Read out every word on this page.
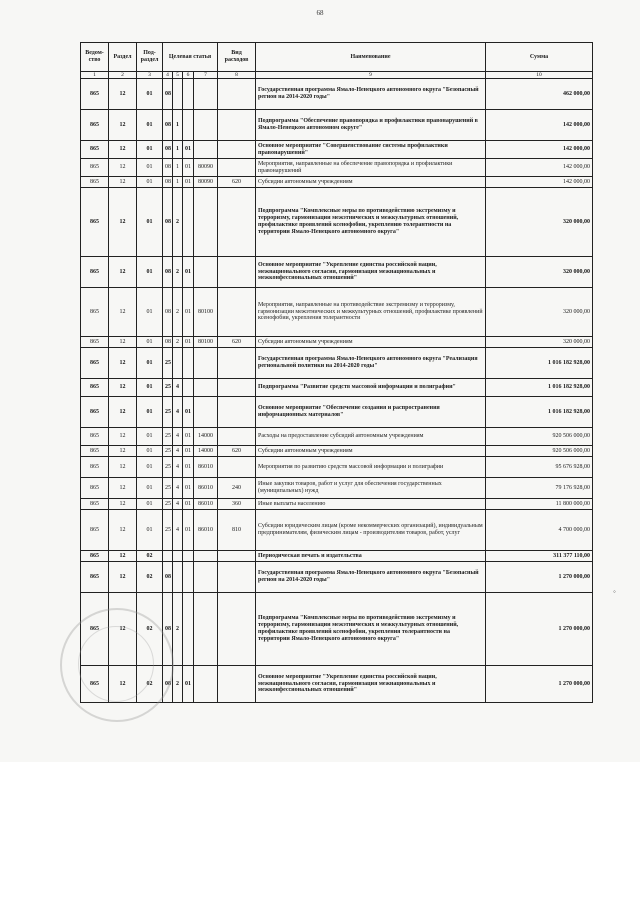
68
Ведом-ство	Раздел	Под-раздел	Целевая статья				Вид расходов	Наименование	Сумма
1	2	3	4	5	6	7	8	9	10
865	12	01	08					Государственная программа Ямало-Ненецкого автономного округа "Безопасный регион на 2014-2020 годы"	462 000,00
865	12	01	08	1				Подпрограмма "Обеспечение правопорядка и профилактики правонарушений в Ямало-Ненецком автономном округе"	142 000,00
865	12	01	08	1	01			Основное мероприятие "Совершенствование системы профилактики правонарушений"	142 000,00
865	12	01	08	1	01	80090		Мероприятия, направленные на обеспечение правопорядка и профилактики правонарушений	142 000,00
865	12	01	08	1	01	80090	620	Субсидии автономным учреждениям	142 000,00
865	12	01	08	2				Подпрограмма "Комплексные меры по противодействию экстремизму и терроризму, гармонизации межэтнических и межкультурных отношений, профилактике проявлений ксенофобии, укреплению толерантности на территории Ямало-Ненецкого автономного округа"	320 000,00
865	12	01	08	2	01			Основное мероприятие "Укрепление единства российской нации, межнационального согласия, гармонизация межнациональных и межконфессиональных отношений"	320 000,00
865	12	01	08	2	01	80100		Мероприятия, направленные на противодействие экстремизму и терроризму, гармонизации межэтнических и межкультурных отношений, профилактике проявлений ксенофобии, укрепления толерантности	320 000,00
865	12	01	08	2	01	80100	620	Субсидии автономным учреждениям	320 000,00
865	12	01	25					Государственная программа Ямало-Ненецкого автономного округа "Реализация региональной политики на 2014-2020 годы"	1 016 182 928,00
865	12	01	25	4				Подпрограмма "Развитие средств массовой информации и полиграфии"	1 016 182 928,00
865	12	01	25	4	01			Основное мероприятие "Обеспечение создания и распространения информационных материалов"	1 016 182 928,00
865	12	01	25	4	01	14000		Расходы на предоставление субсидий автономным учреждениям	920 506 000,00
865	12	01	25	4	01	14000	620	Субсидии автономным учреждениям	920 506 000,00
865	12	01	25	4	01	86010		Мероприятия по развитию средств массовой информации и полиграфии	95 676 928,00
865	12	01	25	4	01	86010	240	Иные закупки товаров, работ и услуг для обеспечения государственных (муниципальных) нужд	79 176 928,00
865	12	01	25	4	01	86010	360	Иные выплаты населению	11 800 000,00
865	12	01	25	4	01	86010	810	Субсидии юридическим лицам (кроме некоммерческих организаций), индивидуальным предпринимателям, физическим лицам - производителям товаров, работ, услуг	4 700 000,00
865	12	02						Периодическая печать и издательства	311 377 110,00
865	12	02	08					Государственная программа Ямало-Ненецкого автономного округа "Безопасный регион на 2014-2020 годы"	1 270 000,00
865	12	02	08	2				Подпрограмма "Комплексные меры по противодействию экстремизму и терроризму, гармонизации межэтнических и межкультурных отношений, профилактике проявлений ксенофобии, укрепления толерантности на территории Ямало-Ненецкого автономного округа"	1 270 000,00
865	12	02	08	2	01			Основное мероприятие "Укрепление единства российской нации, межнационального согласия, гармонизация межнациональных и межконфессиональных отношений"	1 270 000,00
◦
